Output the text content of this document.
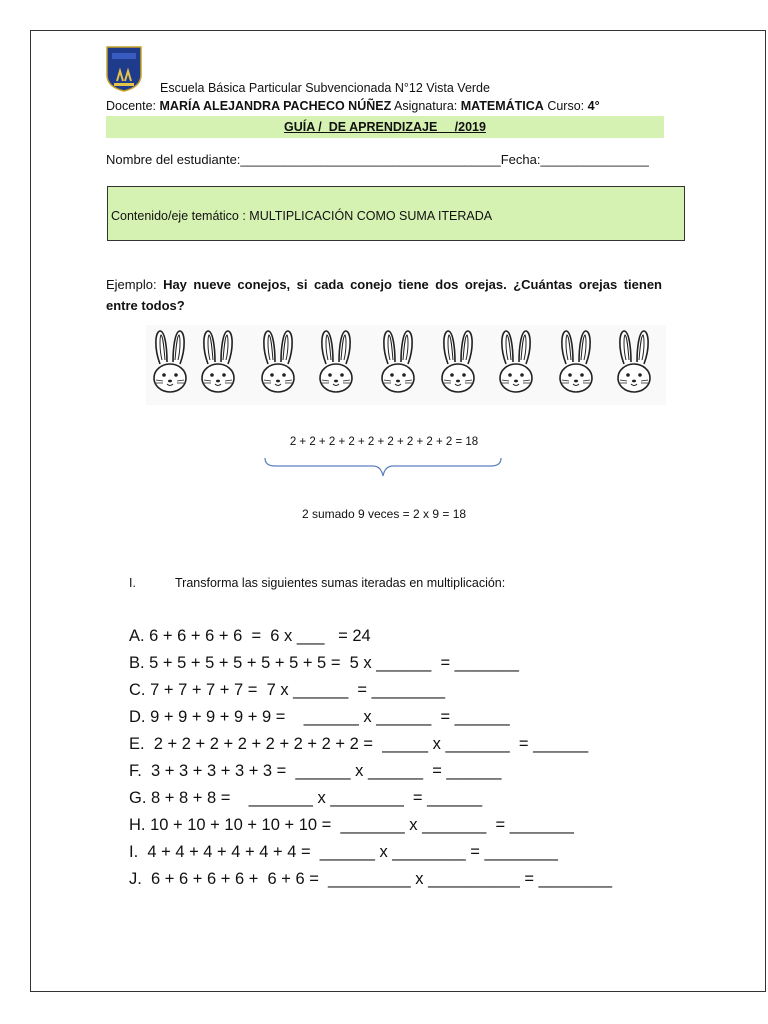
Escuela Básica Particular Subvencionada N°12 Vista Verde
Docente: MARÍA ALEJANDRA PACHECO NÚÑEZ Asignatura: MATEMÁTICA Curso: 4°
GUÍA /  DE APRENDIZAJE     /2019
Nombre del estudiante:____________________________________Fecha:_______________
Contenido/eje temático : MULTIPLICACIÓN COMO SUMA ITERADA
Ejemplo: Hay nueve conejos, si cada conejo tiene dos orejas. ¿Cuántas orejas tienen entre todos?
2 + 2 + 2 + 2 + 2 + 2 + 2 + 2 + 2 = 18
2 sumado 9 veces = 2 x 9 = 18
I.	Transforma las siguientes sumas iteradas en multiplicación:
A. 6 + 6 + 6 + 6  =  6 x ___   = 24
B. 5 + 5 + 5 + 5 + 5 + 5 + 5 =  5 x ______  = _______
C. 7 + 7 + 7 + 7 =  7 x ______  = ________
D. 9 + 9 + 9 + 9 + 9 =    ______ x ______  = ______
E.  2 + 2 + 2 + 2 + 2 + 2 + 2 + 2 =  _____ x _______  = ______
F.  3 + 3 + 3 + 3 + 3 =  ______ x ______  = ______
G. 8 + 8 + 8 =    _______ x ________  = ______
H. 10 + 10 + 10 + 10 + 10 =  _______ x _______  = _______
I.  4 + 4 + 4 + 4 + 4 + 4 =  ______ x ________ = ________
J.  6 + 6 + 6 + 6 +  6 + 6 =  _________ x __________ = ________
